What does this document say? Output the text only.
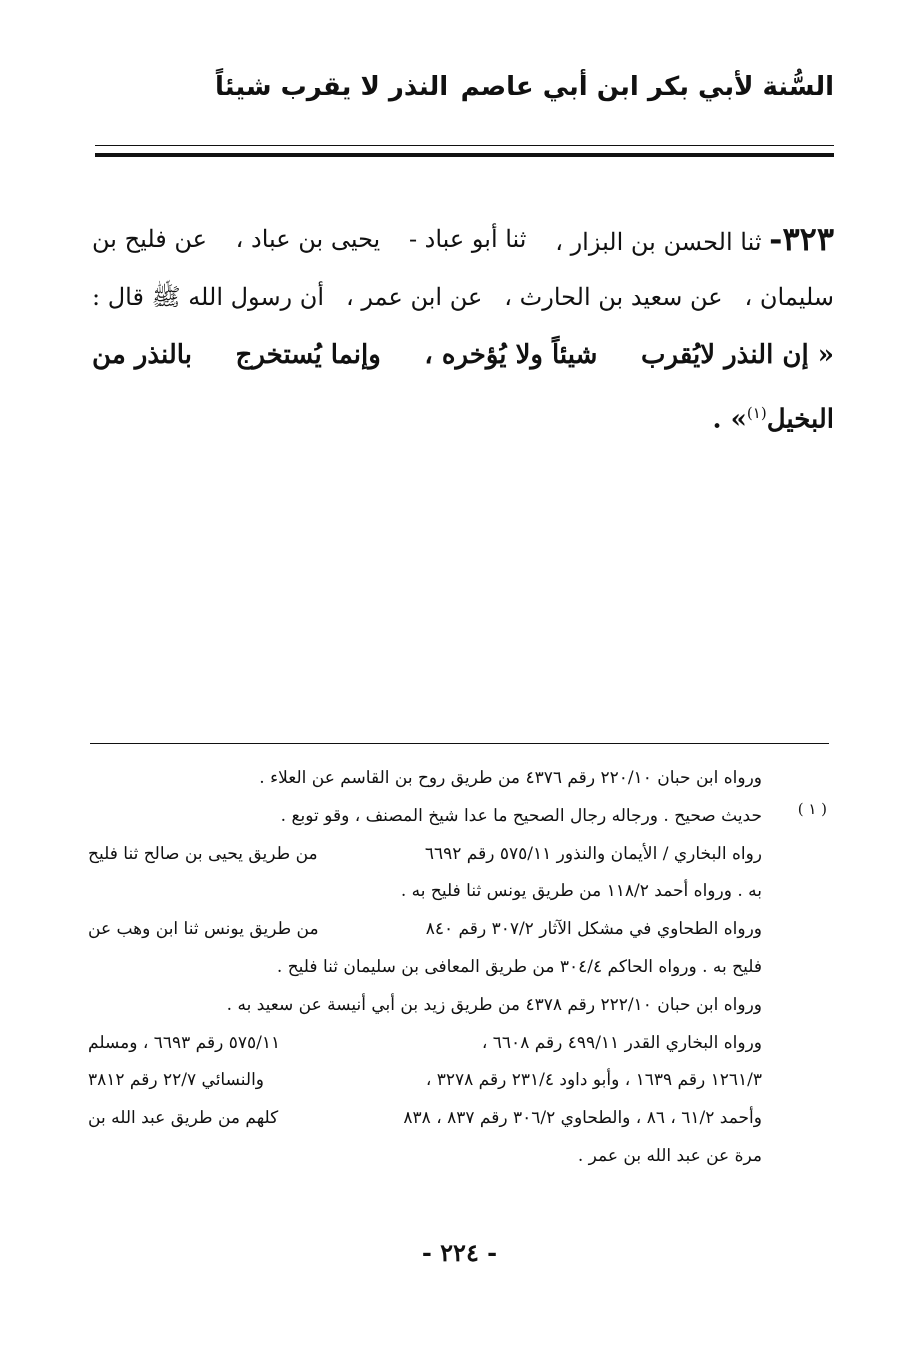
السُّنة لأبي بكر ابن أبي عاصم
النذر لا يقرب شيئاً
٣٢٣- ثنا الحسن بن البزار ،
ثنا أبو عباد -
يحيى بن عباد ،
عن فليح بن
سليمان ،
عن سعيد بن الحارث ،
عن ابن عمر ،
أن رسول الله ﷺ قال :
« إن النذر لايُقرب
شيئاً ولا يُؤخره ،
وإنما يُستخرج
بالنذر من
البخيل$^{(١)}$» .
( ١ )
ورواه ابن حبان ٢٢٠/١٠ رقم ٤٣٧٦ من طريق روح بن القاسم عن العلاء .
حديث صحيح . ورجاله رجال الصحيح ما عدا شيخ المصنف ، وقو توبع .
رواه البخاري / الأيمان والنذور ٥٧٥/١١ رقم ٦٦٩٢
من طريق يحيى بن صالح ثنا فليح
به . ورواه أحمد ١١٨/٢ من طريق يونس ثنا فليح به .
ورواه الطحاوي في مشكل الآثار ٣٠٧/٢ رقم ٨٤٠
من طريق يونس ثنا ابن وهب عن
فليح به . ورواه الحاكم ٣٠٤/٤ من طريق المعافى بن سليمان ثنا فليح .
ورواه ابن حبان ٢٢٢/١٠ رقم ٤٣٧٨ من طريق زيد بن أبي أنيسة عن سعيد به .
ورواه البخاري القدر ٤٩٩/١١ رقم ٦٦٠٨ ،
٥٧٥/١١ رقم ٦٦٩٣ ، ومسلم
١٢٦١/٣ رقم ١٦٣٩ ، وأبو داود ٢٣١/٤ رقم ٣٢٧٨ ،
والنسائي ٢٢/٧ رقم ٣٨١٢
وأحمد ٦١/٢ ، ٨٦ ، والطحاوي ٣٠٦/٢ رقم ٨٣٧ ، ٨٣٨
كلهم من طريق عبد الله بن
مرة عن عبد الله بن عمر .
- ٢٢٤ -
